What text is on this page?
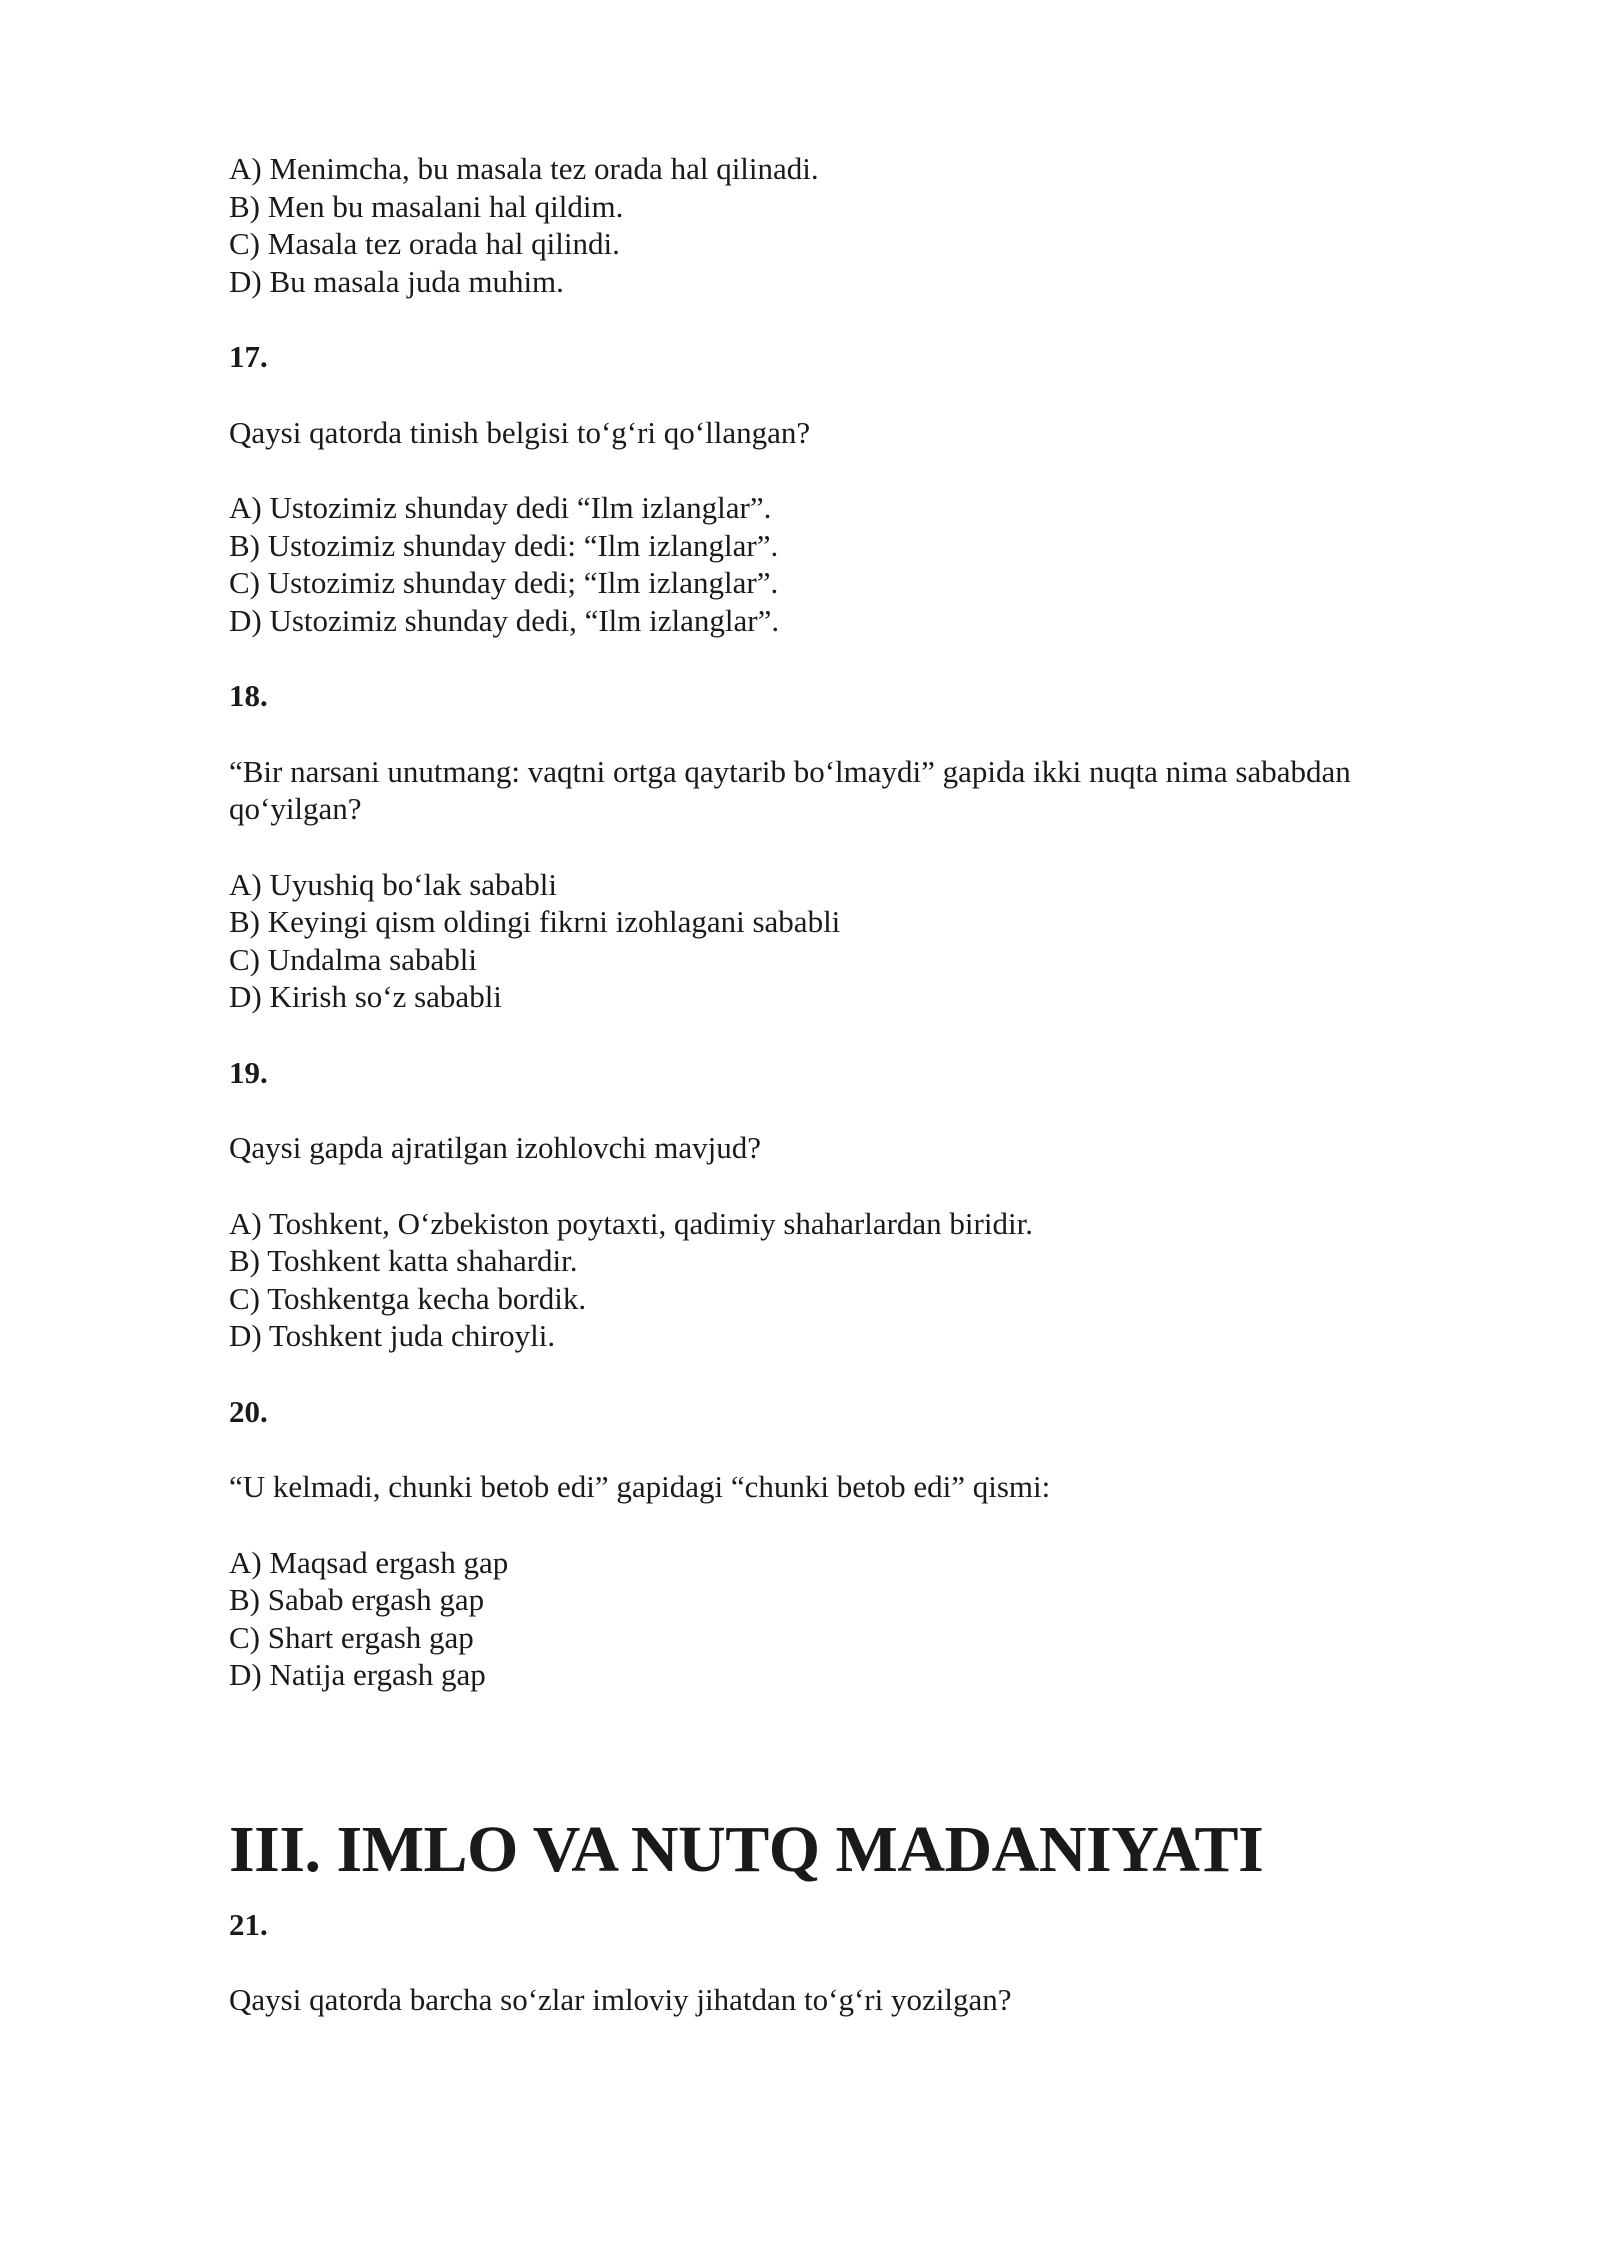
A) Menimcha, bu masala tez orada hal qilinadi.

B) Men bu masalani hal qildim.

C) Masala tez orada hal qilindi.

D) Bu masala juda muhim.

17.

Qaysi qatorda tinish belgisi to‘g‘ri qo‘llangan?

A) Ustozimiz shunday dedi “Ilm izlanglar”.

B) Ustozimiz shunday dedi: “Ilm izlanglar”.

C) Ustozimiz shunday dedi; “Ilm izlanglar”.

D) Ustozimiz shunday dedi, “Ilm izlanglar”.

18.

“Bir narsani unutmang: vaqtni ortga qaytarib bo‘lmaydi” gapida ikki nuqta nima sababdan qo‘yilgan?

A) Uyushiq bo‘lak sababli

B) Keyingi qism oldingi fikrni izohlagani sababli

C) Undalma sababli

D) Kirish so‘z sababli

19.

Qaysi gapda ajratilgan izohlovchi mavjud?

A) Toshkent, O‘zbekiston poytaxti, qadimiy shaharlardan biridir.

B) Toshkent katta shahardir.

C) Toshkentga kecha bordik.

D) Toshkent juda chiroyli.

20.

“U kelmadi, chunki betob edi” gapidagi “chunki betob edi” qismi:

A) Maqsad ergash gap

B) Sabab ergash gap

C) Shart ergash gap

D) Natija ergash gap

III. IMLO VA NUTQ MADANIYATI

21.

Qaysi qatorda barcha so‘zlar imloviy jihatdan to‘g‘ri yozilgan?
